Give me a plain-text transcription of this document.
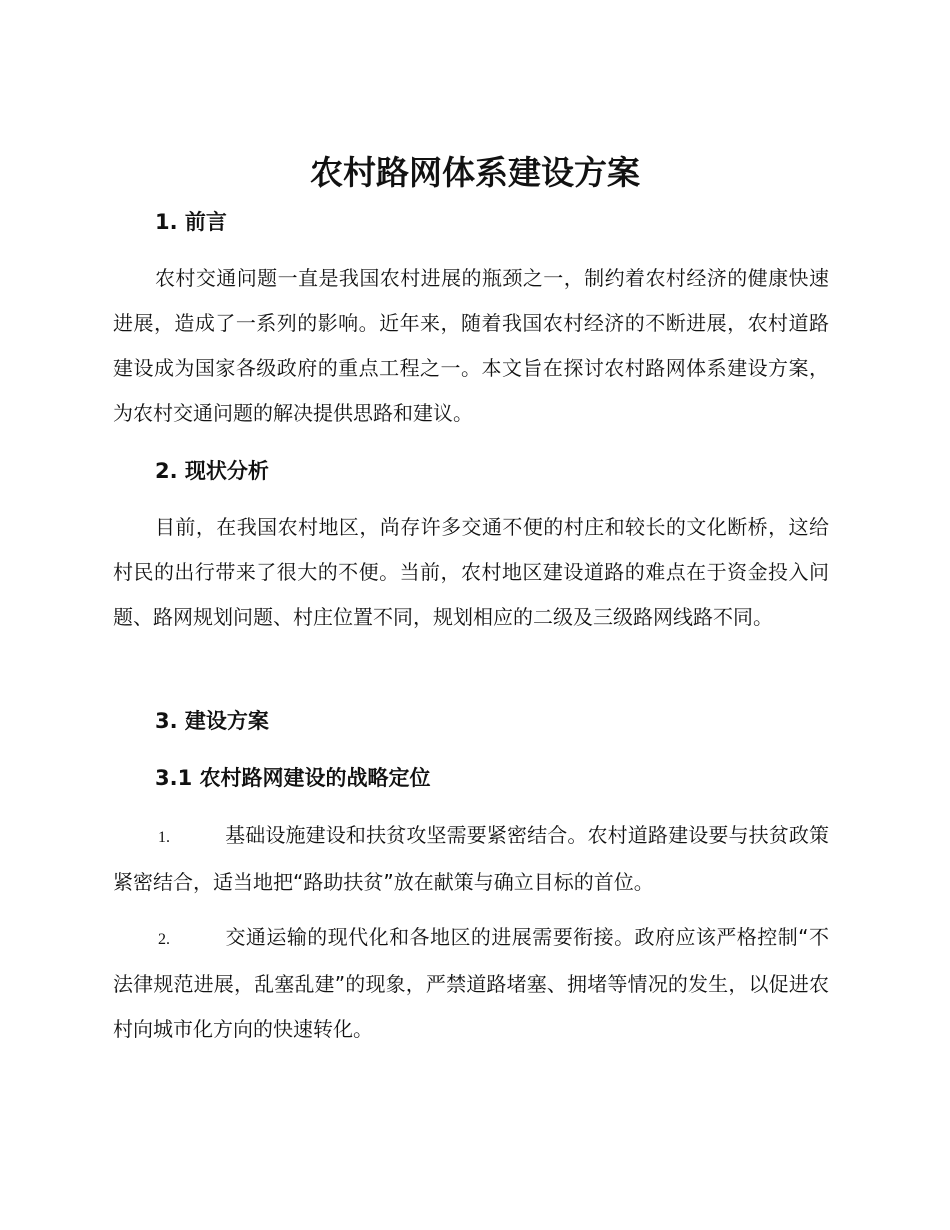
农村路网体系建设方案
1. 前言

农村交通问题一直是我国农村进展的瓶颈之一，制约着农村经济的健康快速进展，造成了一系列的影响。近年来，随着我国农村经济的不断进展，农村道路建设成为国家各级政府的重点工程之一。本文旨在探讨农村路网体系建设方案，为农村交通问题的解决提供思路和建议。

2. 现状分析

目前，在我国农村地区，尚存许多交通不便的村庄和较长的文化断桥，这给村民的出行带来了很大的不便。当前，农村地区建设道路的难点在于资金投入问题、路网规划问题、村庄位置不同，规划相应的二级及三级路网线路不同。

3. 建设方案
3.1 农村路网建设的战略定位

1.	基础设施建设和扶贫攻坚需要紧密结合。农村道路建设要与扶贫政策紧密结合，适当地把“路助扶贫”放在献策与确立目标的首位。

2.	交通运输的现代化和各地区的进展需要衔接。政府应该严格控制“不法律规范进展，乱塞乱建”的现象，严禁道路堵塞、拥堵等情况的发生，以促进农村向城市化方向的快速转化。
